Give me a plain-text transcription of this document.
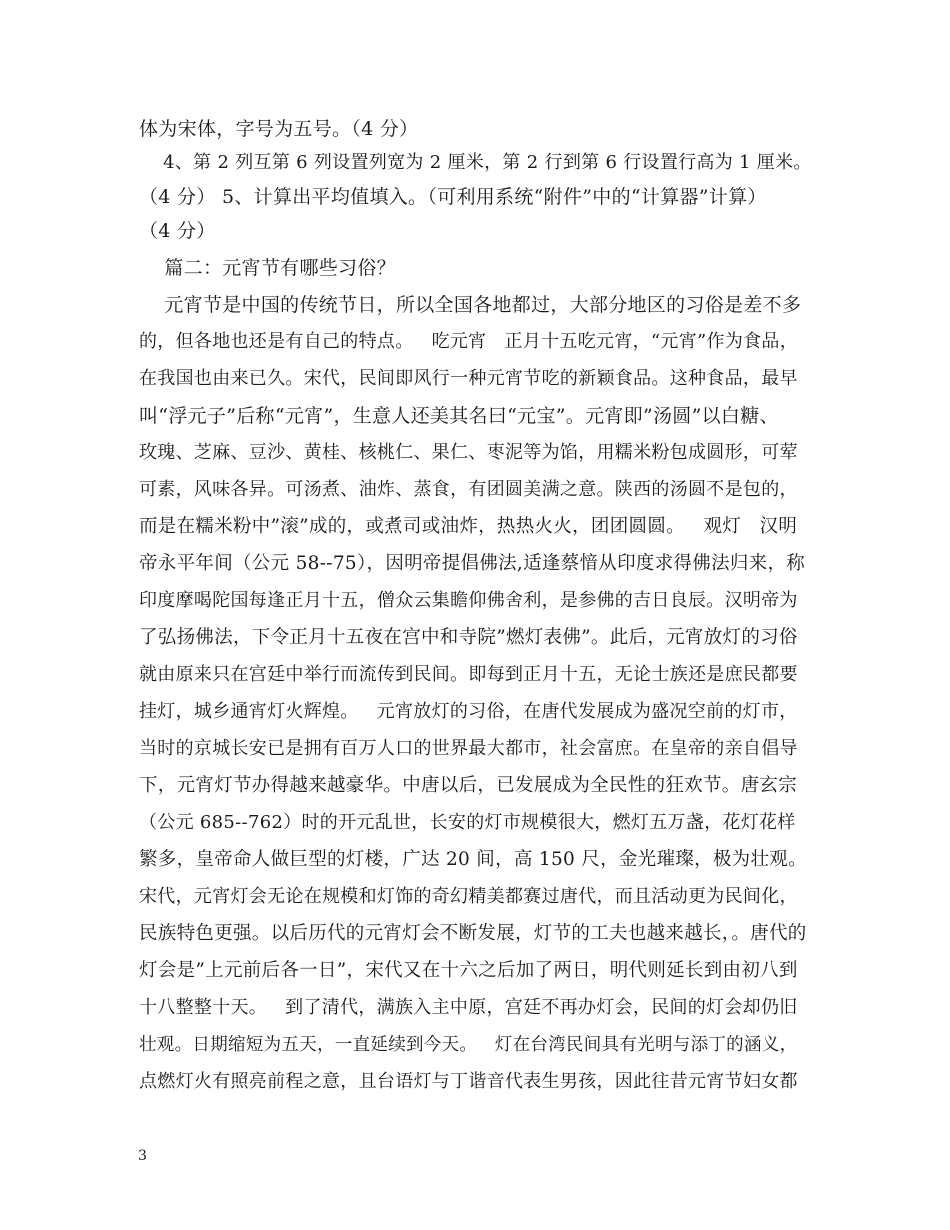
体为宋体，字号为五号。（4 分）
4、第 2 列互第 6 列设置列宽为 2 厘米，第 2 行到第 6 行设置行高为 1 厘米。
（4 分） 5、计算出平均值填入。（可利用系统“附件”中的“计算器”计算）
（4 分）
篇二：元宵节有哪些习俗？
元宵节是中国的传统节日，所以全国各地都过，大部分地区的习俗是差不多
的，但各地也还是有自己的特点。   吃元宵   正月十五吃元宵，“元宵”作为食品，
在我国也由来已久。宋代，民间即风行一种元宵节吃的新颖食品。这种食品，最早
叫“浮元子”后称“元宵”，生意人还美其名曰“元宝”。元宵即”汤圆”以白糖、
玫瑰、芝麻、豆沙、黄桂、核桃仁、果仁、枣泥等为馅，用糯米粉包成圆形，可荤
可素，风味各异。可汤煮、油炸、蒸食，有团圆美满之意。陕西的汤圆不是包的，
而是在糯米粉中”滚”成的，或煮司或油炸，热热火火，团团圆圆。   观灯   汉明
帝永平年间（公元 58--75），因明帝提倡佛法,适逢蔡愔从印度求得佛法归来，称
印度摩喝陀国每逢正月十五，僧众云集瞻仰佛舍利，是参佛的吉日良辰。汉明帝为
了弘扬佛法，下令正月十五夜在宫中和寺院”燃灯表佛”。此后，元宵放灯的习俗
就由原来只在宫廷中举行而流传到民间。即每到正月十五，无论士族还是庶民都要
挂灯，城乡通宵灯火辉煌。   元宵放灯的习俗，在唐代发展成为盛况空前的灯市，
当时的京城长安已是拥有百万人口的世界最大都市，社会富庶。在皇帝的亲自倡导
下，元宵灯节办得越来越豪华。中唐以后，已发展成为全民性的狂欢节。唐玄宗
（公元 685--762）时的开元乱世，长安的灯市规模很大，燃灯五万盏，花灯花样
繁多，皇帝命人做巨型的灯楼，广达 20 间，高 150 尺，金光璀璨，极为壮观。
宋代，元宵灯会无论在规模和灯饰的奇幻精美都赛过唐代，而且活动更为民间化，
民族特色更强。以后历代的元宵灯会不断发展，灯节的工夫也越来越长，。唐代的
灯会是”上元前后各一日”，宋代又在十六之后加了两日，明代则延长到由初八到
十八整整十天。   到了清代，满族入主中原，宫廷不再办灯会，民间的灯会却仍旧
壮观。日期缩短为五天，一直延续到今天。   灯在台湾民间具有光明与添丁的涵义，
点燃灯火有照亮前程之意，且台语灯与丁谐音代表生男孩，因此往昔元宵节妇女都
3
